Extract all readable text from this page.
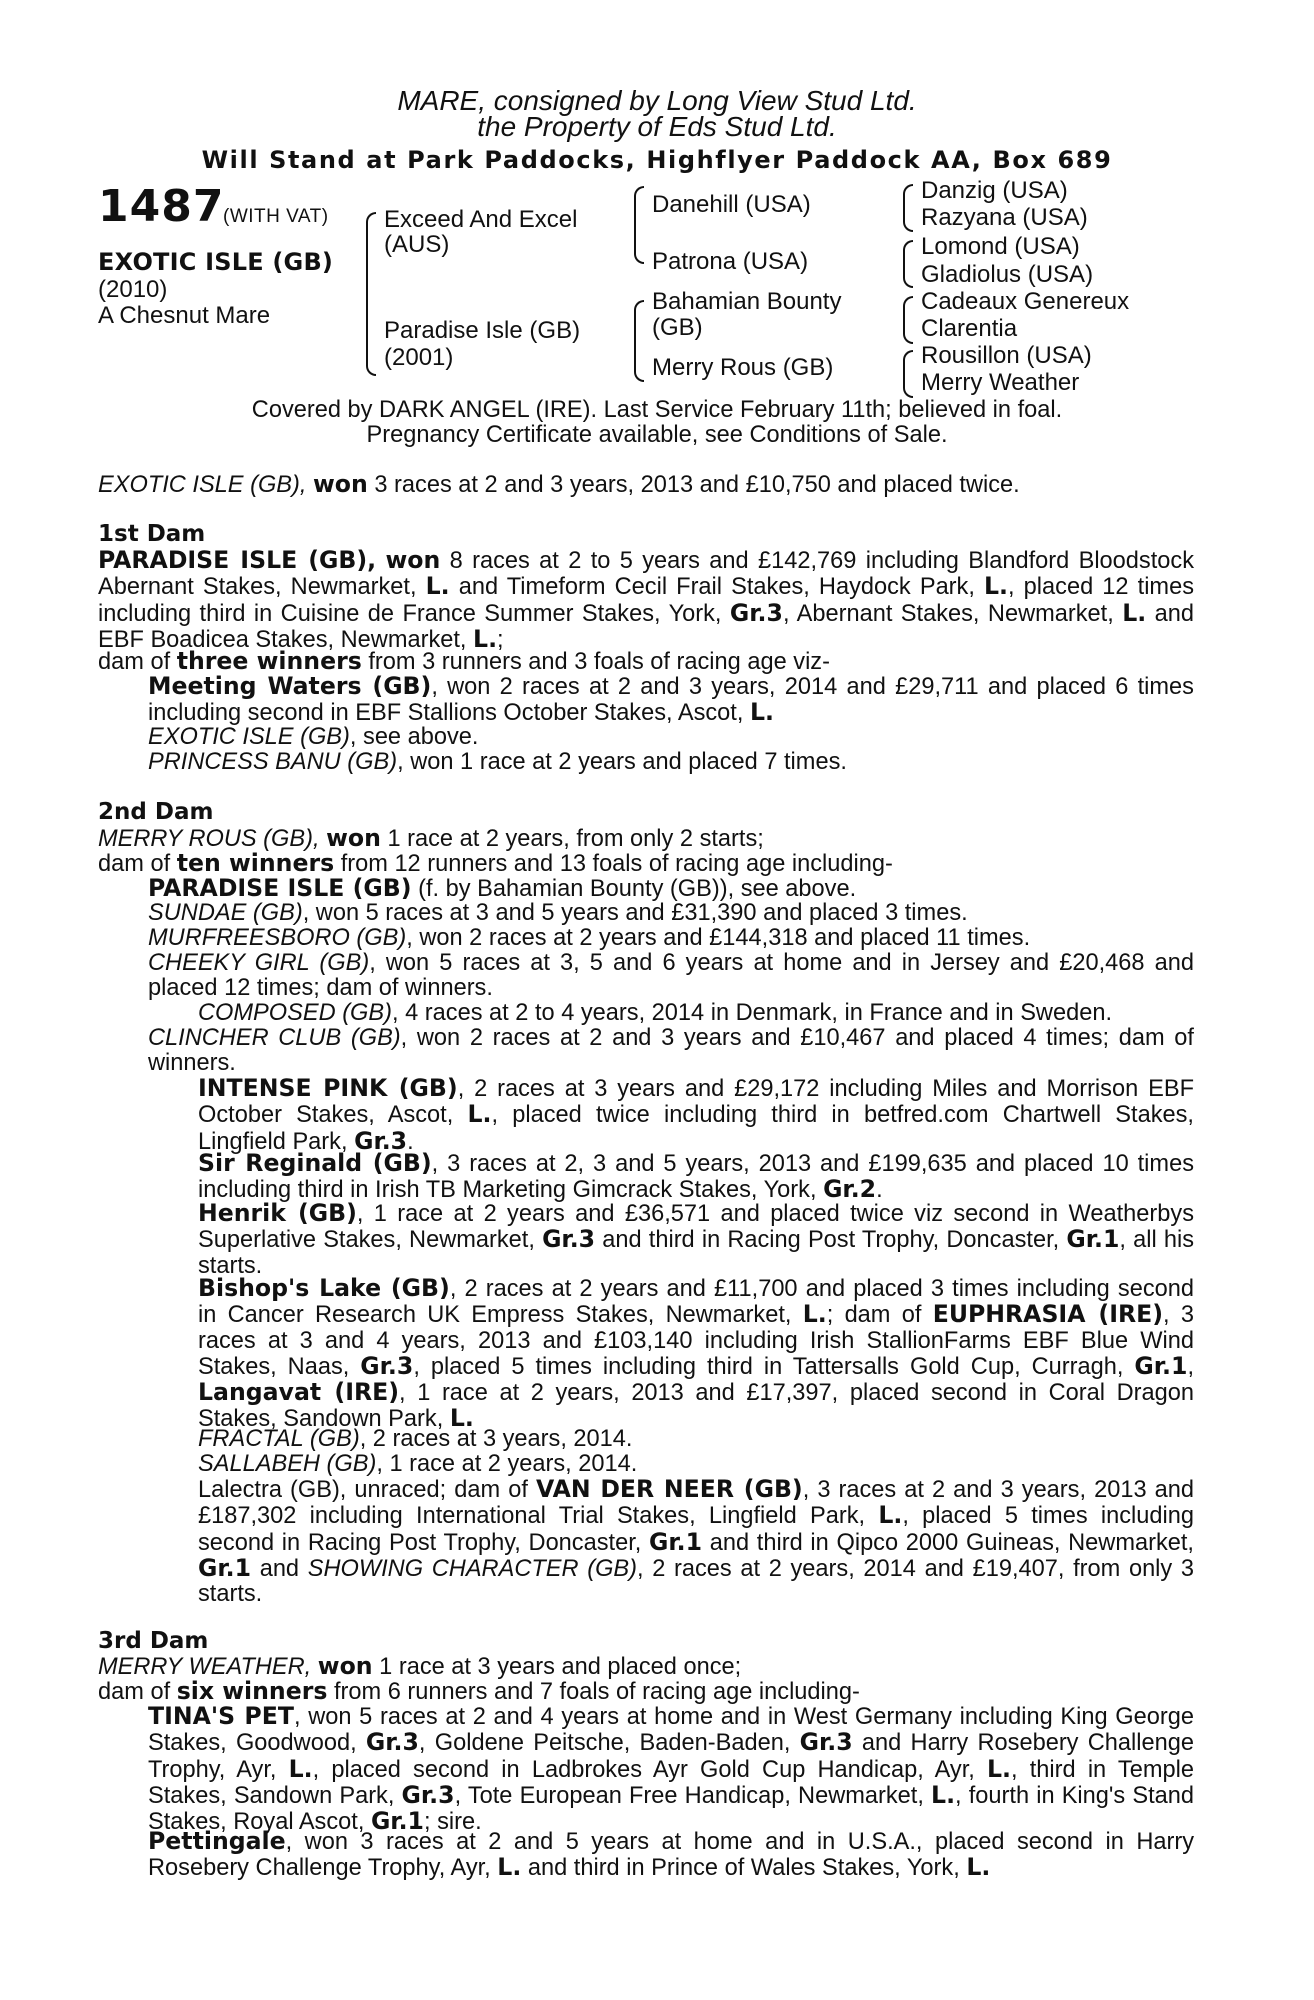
MARE, consigned by Long View Stud Ltd.
the Property of Eds Stud Ltd.
Will Stand at Park Paddocks, Highflyer Paddock AA, Box 689
1487
(WITH VAT)
EXOTIC ISLE (GB)
(2010)
A Chesnut Mare
Exceed And Excel
(AUS)
Paradise Isle (GB)
(2001)
Danehill (USA)
Patrona (USA)
Bahamian Bounty
(GB)
Merry Rous (GB)
Danzig (USA)
Razyana (USA)
Lomond (USA)
Gladiolus (USA)
Cadeaux Genereux
Clarentia
Rousillon (USA)
Merry Weather
Covered by DARK ANGEL (IRE). Last Service February 11th; believed in foal.
Pregnancy Certificate available, see Conditions of Sale.
EXOTIC ISLE (GB), won 3 races at 2 and 3 years, 2013 and £10,750 and placed twice.
1st Dam
PARADISE ISLE (GB), won 8 races at 2 to 5 years and £142,769 including Blandford Bloodstock Abernant Stakes, Newmarket, L. and Timeform Cecil Frail Stakes, Haydock Park, L., placed 12 times including third in Cuisine de France Summer Stakes, York, Gr.3, Abernant Stakes, Newmarket, L. and EBF Boadicea Stakes, Newmarket, L.;
dam of three winners from 3 runners and 3 foals of racing age viz-
Meeting Waters (GB), won 2 races at 2 and 3 years, 2014 and £29,711 and placed 6 times including second in EBF Stallions October Stakes, Ascot, L.
EXOTIC ISLE (GB), see above.
PRINCESS BANU (GB), won 1 race at 2 years and placed 7 times.
2nd Dam
MERRY ROUS (GB), won 1 race at 2 years, from only 2 starts;
dam of ten winners from 12 runners and 13 foals of racing age including-
PARADISE ISLE (GB) (f. by Bahamian Bounty (GB)), see above.
SUNDAE (GB), won 5 races at 3 and 5 years and £31,390 and placed 3 times.
MURFREESBORO (GB), won 2 races at 2 years and £144,318 and placed 11 times.
CHEEKY GIRL (GB), won 5 races at 3, 5 and 6 years at home and in Jersey and £20,468 and placed 12 times; dam of winners.
COMPOSED (GB), 4 races at 2 to 4 years, 2014 in Denmark, in France and in Sweden.
CLINCHER CLUB (GB), won 2 races at 2 and 3 years and £10,467 and placed 4 times; dam of winners.
INTENSE PINK (GB), 2 races at 3 years and £29,172 including Miles and Morrison EBF October Stakes, Ascot, L., placed twice including third in betfred.com Chartwell Stakes, Lingfield Park, Gr.3.
Sir Reginald (GB), 3 races at 2, 3 and 5 years, 2013 and £199,635 and placed 10 times including third in Irish TB Marketing Gimcrack Stakes, York, Gr.2.
Henrik (GB), 1 race at 2 years and £36,571 and placed twice viz second in Weatherbys Superlative Stakes, Newmarket, Gr.3 and third in Racing Post Trophy, Doncaster, Gr.1, all his starts.
Bishop's Lake (GB), 2 races at 2 years and £11,700 and placed 3 times including second in Cancer Research UK Empress Stakes, Newmarket, L.; dam of EUPHRASIA (IRE), 3 races at 3 and 4 years, 2013 and £103,140 including Irish StallionFarms EBF Blue Wind Stakes, Naas, Gr.3, placed 5 times including third in Tattersalls Gold Cup, Curragh, Gr.1, Langavat (IRE), 1 race at 2 years, 2013 and £17,397, placed second in Coral Dragon Stakes, Sandown Park, L.
FRACTAL (GB), 2 races at 3 years, 2014.
SALLABEH (GB), 1 race at 2 years, 2014.
Lalectra (GB), unraced; dam of VAN DER NEER (GB), 3 races at 2 and 3 years, 2013 and £187,302 including International Trial Stakes, Lingfield Park, L., placed 5 times including second in Racing Post Trophy, Doncaster, Gr.1 and third in Qipco 2000 Guineas, Newmarket, Gr.1 and SHOWING CHARACTER (GB), 2 races at 2 years, 2014 and £19,407, from only 3 starts.
3rd Dam
MERRY WEATHER, won 1 race at 3 years and placed once;
dam of six winners from 6 runners and 7 foals of racing age including-
TINA'S PET, won 5 races at 2 and 4 years at home and in West Germany including King George Stakes, Goodwood, Gr.3, Goldene Peitsche, Baden-Baden, Gr.3 and Harry Rosebery Challenge Trophy, Ayr, L., placed second in Ladbrokes Ayr Gold Cup Handicap, Ayr, L., third in Temple Stakes, Sandown Park, Gr.3, Tote European Free Handicap, Newmarket, L., fourth in King's Stand Stakes, Royal Ascot, Gr.1; sire.
Pettingale, won 3 races at 2 and 5 years at home and in U.S.A., placed second in Harry Rosebery Challenge Trophy, Ayr, L. and third in Prince of Wales Stakes, York, L.
